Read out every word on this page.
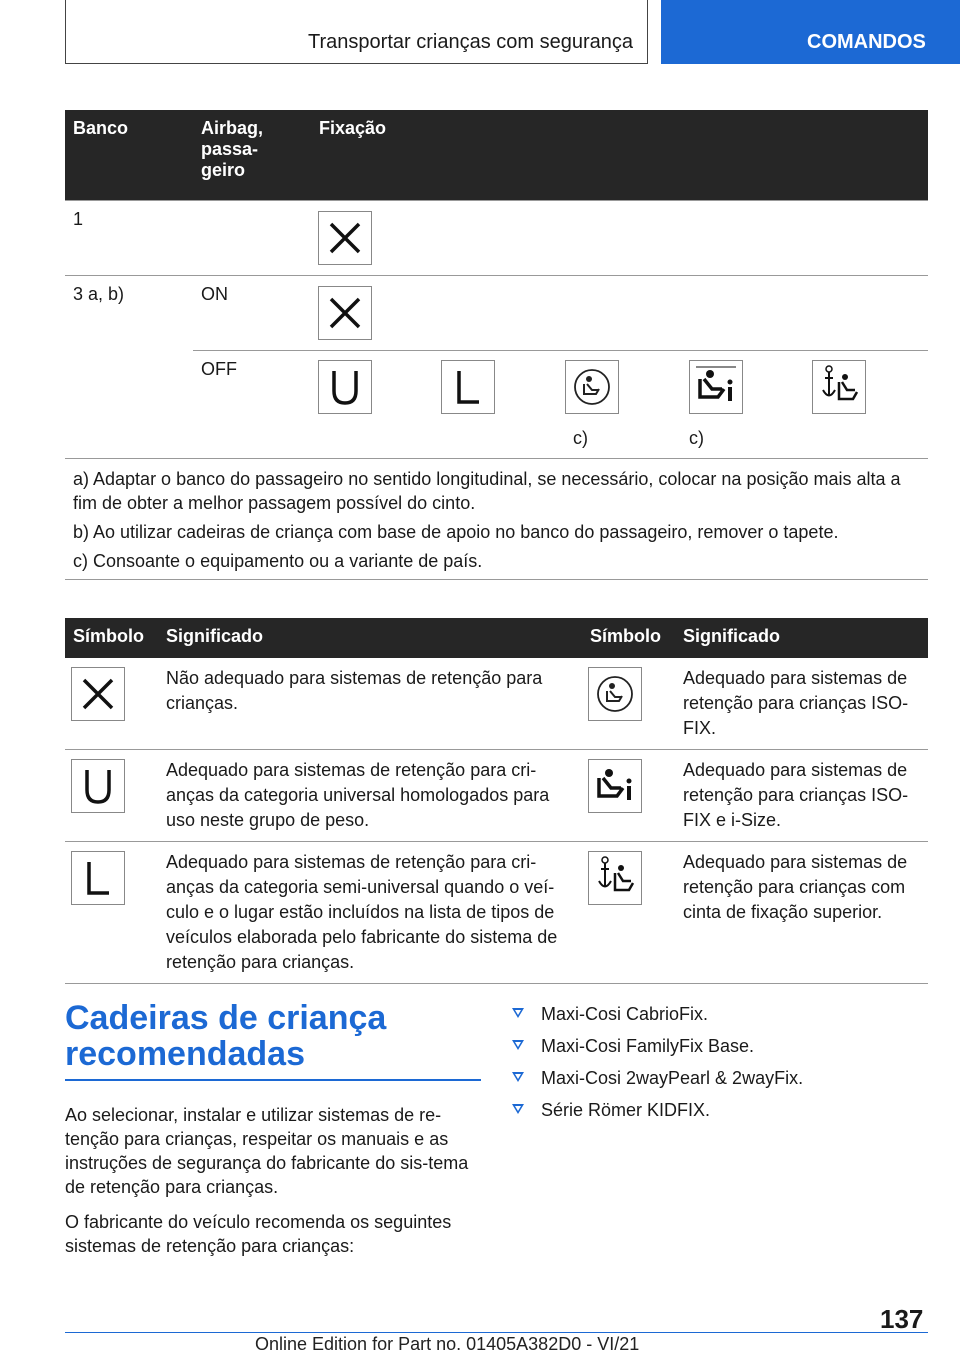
Transportar crianças com segurança	COMANDOS
Banco	Airbag, passa-geiro	Fixação				
1		

3 a, b)	ON	

	OFF			c)	c)

a) Adaptar o banco do passageiro no sentido longitudinal, se necessário, colocar na posição mais alta a fim de obter a melhor passagem possível do cinto.
b) Ao utilizar cadeiras de criança com base de apoio no banco do passageiro, remover o tapete.
c) Consoante o equipamento ou a variante de país.						
Símbolo	Significado	Símbolo	Significado

	Não adequado para sistemas de retenção para crianças.		Adequado para sistemas de retenção para crianças ISO-FIX.

	Adequado para sistemas de retenção para cri-anças da categoria universal homologados para uso neste grupo de peso.		Adequado para sistemas de retenção para crianças ISO-FIX e i-Size.

	Adequado para sistemas de retenção para cri-anças da categoria semi-universal quando o veí-culo e o lugar estão incluídos na lista de tipos de veículos elaborada pelo fabricante do sistema de retenção para crianças.		Adequado para sistemas de retenção para crianças com cinta de fixação superior.
Cadeiras de criança recomendadas

Ao selecionar, instalar e utilizar sistemas de re-tenção para crianças, respeitar os manuais e as instruções de segurança do fabricante do sis-tema de retenção para crianças.

O fabricante do veículo recomenda os seguintes sistemas de retenção para crianças:

Maxi-Cosi CabrioFix.
Maxi-Cosi FamilyFix Base.
Maxi-Cosi 2wayPearl & 2wayFix.
Série Römer KIDFIX.
137
Online Edition for Part no. 01405A382D0 - VI/21
